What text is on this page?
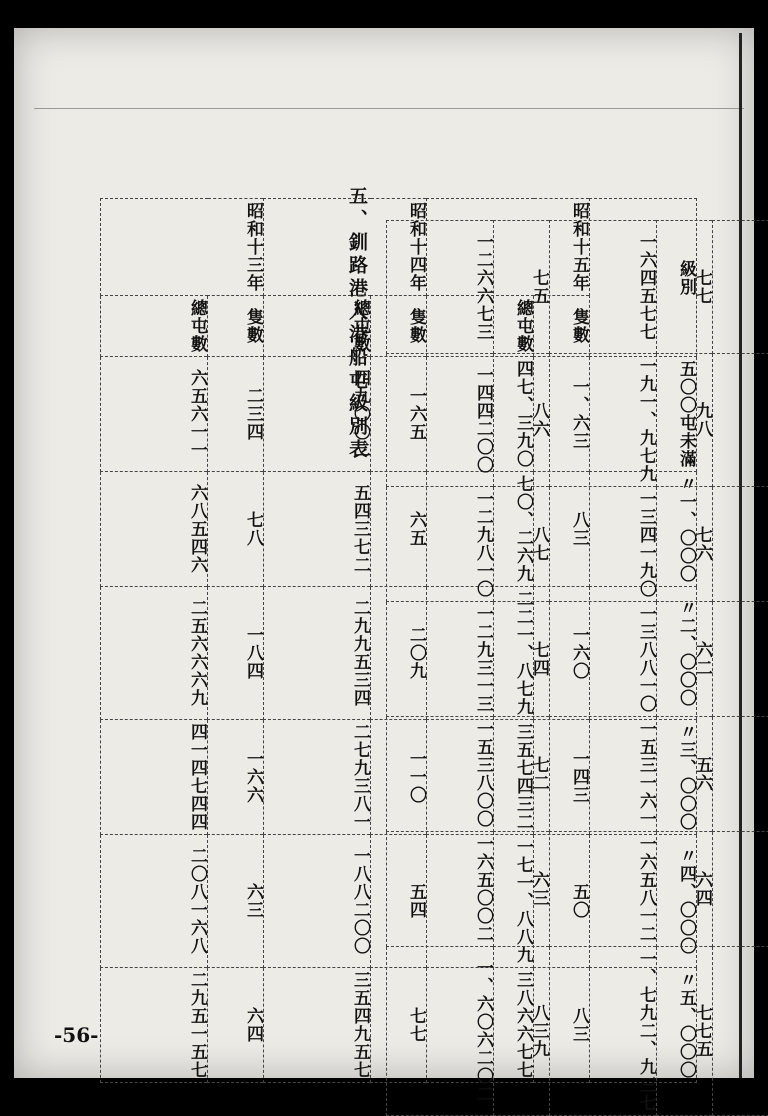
五、釧路港入港船屯級別表	級別	昭和十五年		昭和十四年		昭和十三年	
	隻數	總屯數	隻數	總屯數	隻數	總屯數
五〇〇屯未滿	一、六三	四七、三九〇	一六五	四九〇〇二	二三四	六五六一一
一、〇〇〇〃	八三	七〇、二六九	六五	五四三七二	七八	六八五四六
二、〇〇〇〃	一六〇	二二一、八七九	二〇九	二九九五三四	一八四	二五六六六九
三、〇〇〇〃	一四三	三五七四三二	一一〇	二七九三八一	一六六	四一四七四四
四、〇〇〇〃	五〇	一七一、八八九	五四	一八八二〇〇	六三	二〇八一六八
五、〇〇〇〃	八三	三八六六七七	七七	三五四九五七	六四	二九五一五七
			七七	一六四五七七	七五	一二六六七三
			九八	一九一、九七九	八六	一四四二〇〇
			七六	一三四一九〇	八七	一二九八一〇
			六二	一三八八一〇	七四	一二九三一三
			五六	一五三一六一	七二	一五三八〇〇
			六四	一六五八一二	六三	一六五〇〇二
			七七五	一、七九二、九三七	八三九	一、六〇六二〇二
-56-
